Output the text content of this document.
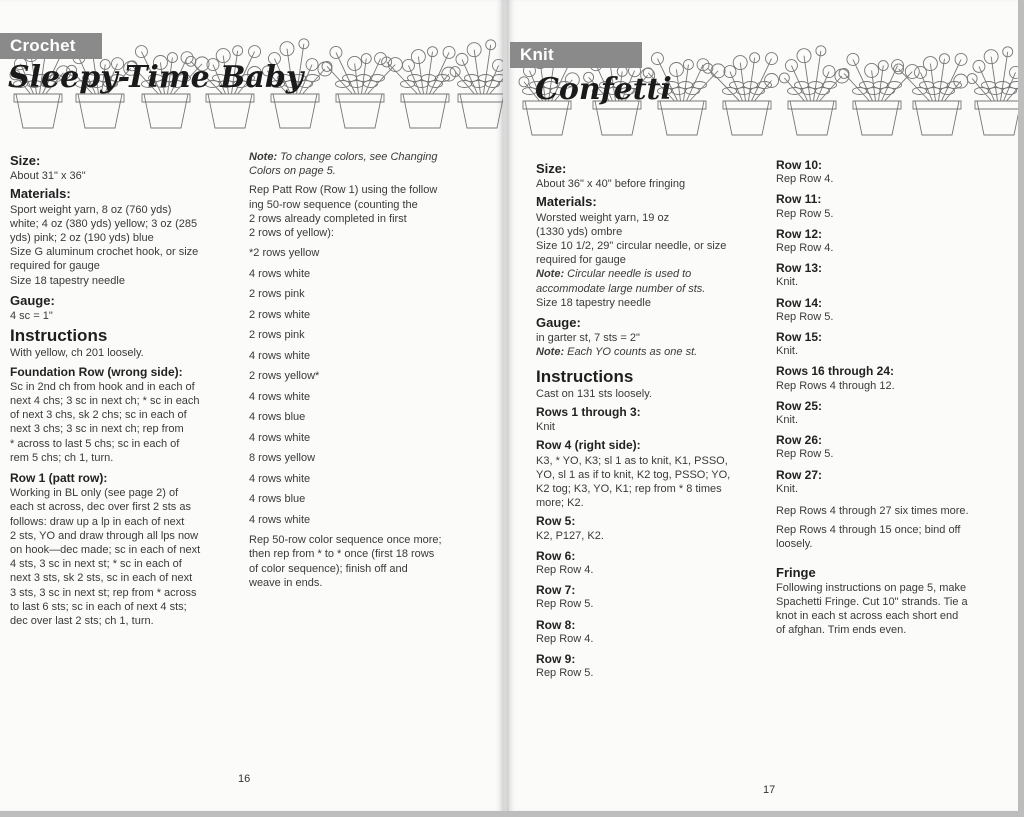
Crochet
Sleepy-Time Baby
Size:

About 31" x 36"

Materials:
Sport weight yarn, 8 oz (760 yds)
white; 4 oz (380 yds) yellow; 3 oz (285
yds) pink; 2 oz (190 yds) blue
Size G aluminum crochet hook, or size
required for gauge
Size 18 tapestry needle
Gauge:

4 sc = 1"

Instructions

With yellow, ch 201 loosely.

Foundation Row (wrong side):
Sc in 2nd ch from hook and in each of
next 4 chs; 3 sc in next ch; * sc in each
of next 3 chs, sk 2 chs; sc in each of
next 3 chs; 3 sc in next ch; rep from
* across to last 5 chs; sc in each of
rem 5 chs; ch 1, turn.
Row 1 (patt row):
Working in BL only (see page 2) of
each st across, dec over first 2 sts as
follows: draw up a lp in each of next
2 sts, YO and draw through all lps now
on hook—dec made; sc in each of next
4 sts, 3 sc in next st; * sc in each of
next 3 sts, sk 2 sts, sc in each of next
3 sts, 3 sc in next st; rep from * across
to last 6 sts; sc in each of next 4 sts;
dec over last 2 sts; ch 1, turn.
Note: To change colors, see Changing
Colors on page 5.
Rep Patt Row (Row 1) using the follow
ing 50-row sequence (counting the
2 rows already completed in first
2 rows of yellow):

*2 rows yellow

4 rows white

2 rows pink

2 rows white

2 rows pink

4 rows white

2 rows yellow*

4 rows white

4 rows blue

4 rows white

8 rows yellow

4 rows white

4 rows blue

4 rows white

Rep 50-row color sequence once more;
then rep from * to * once (first 18 rows
of color sequence); finish off and
weave in ends.
16
Knit
Confetti
Size:

About 36" x 40" before fringing

Materials:
Worsted weight yarn, 19 oz
(1330 yds) ombre
Size 10 1/2, 29" circular needle, or size
required for gauge
Note: Circular needle is used to
accommodate large number of sts.
Size 18 tapestry needle
Gauge:
in garter st, 7 sts = 2"
Note: Each YO counts as one st.
Instructions

Cast on 131 sts loosely.

Rows 1 through 3:

Knit

Row 4 (right side):
K3, * YO, K3; sl 1 as to knit, K1, PSSO,
YO, sl 1 as if to knit, K2 tog, PSSO; YO,
K2 tog; K3, YO, K1; rep from * 8 times
more; K2.
Row 5:
K2, P127, K2.
Row 6:
Rep Row 4.
Row 7:
Rep Row 5.
Row 8:
Rep Row 4.
Row 9:
Rep Row 5.
Row 10:
Rep Row 4.
Row 11:
Rep Row 5.
Row 12:
Rep Row 4.
Row 13:
Knit.
Row 14:
Rep Row 5.
Row 15:
Knit.
Rows 16 through 24:
Rep Rows 4 through 12.
Row 25:
Knit.
Row 26:
Rep Row 5.
Row 27:
Knit.

Rep Rows 4 through 27 six times more.

Rep Rows 4 through 15 once; bind off
loosely.
Fringe
Following instructions on page 5, make
Spachetti Fringe. Cut 10" strands. Tie a
knot in each st across each short end
of afghan. Trim ends even.
17
